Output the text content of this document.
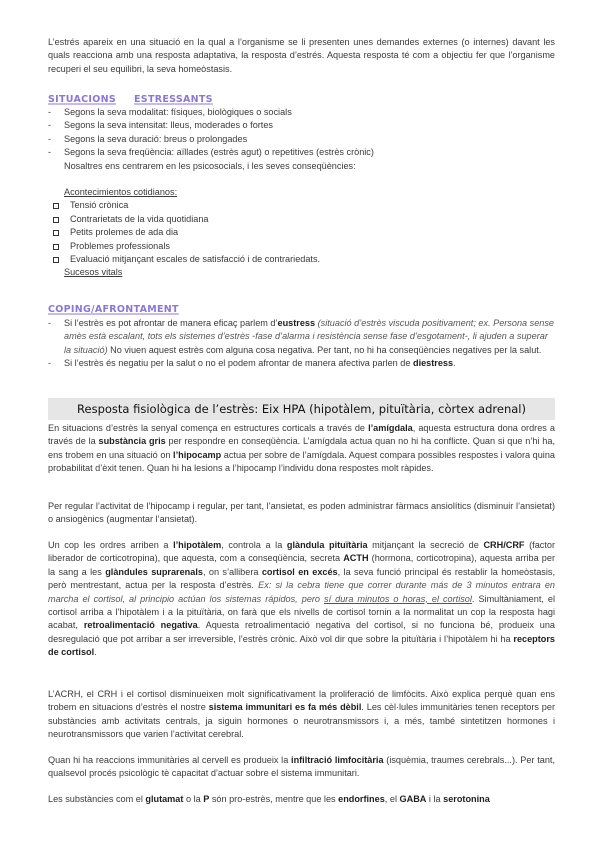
L’estrés apareix en una situació en la qual a l’organisme se li presenten unes demandes externes (o internes) davant les quals reacciona amb una resposta adaptativa, la resposta d’estrés. Aquesta resposta té com a objectiu fer que l’organisme recuperi el seu equilibri, la seva homeòstasis.

SITUACIONS ESTRESSANTS
- Segons la seva modalitat: físiques, biològiques o socials
- Segons la seva intensitat: lleus, moderades o fortes
- Segons la seva duració: breus o prolongades
- Segons la seva freqüència: aïllades (estrès agut) o repetitives (estrès crònic)
Nosaltres ens centrarem en les psicosocials, i les seves conseqüències:
Acontecimientos cotidianos:
Tensió crònica
Contrarietats de la vida quotidiana
Petits prolemes de ada dia
Problemes professionals
Evaluació mitjançant escales de satisfacció i de contrariedats.
Sucesos vitals
COPING/AFRONTAMENT
- Si l’estrès es pot afrontar de manera eficaç parlem d’eustress (situació d’estrès viscuda positivament; ex. Persona sense amès està escalant, tots els sistemes d’estrès -fase d’alarma i resistència sense fase d’esgotament-, li ajuden a superar la situació) No viuen aquest estrès com alguna cosa negativa. Per tant, no hi ha conseqüències negatives per la salut.
- Si l’estrès és negatiu per la salut o no el podem afrontar de manera afectiva parlen de diestress.
Resposta fisiològica de l’estrès: Eix HPA (hipotàlem, pituïtària, còrtex adrenal)

En situacions d’estrès la senyal comença en estructures corticals a través de l’amígdala, aquesta estructura dona ordres a través de la substància gris per respondre en conseqüència. L’amígdala actua quan no hi ha conflicte. Quan si que n’hi ha, ens trobem en una situació on l’hipocamp actua per sobre de l’amígdala. Aquest compara possibles respostes i valora quina probabilitat d’èxit tenen. Quan hi ha lesions a l’hipocamp l’individu dona respostes molt ràpides.

Per regular l’activitat de l’hipocamp i regular, per tant, l’ansietat, es poden administrar fàrmacs ansiolítics (disminuir l’ansietat) o ansiogènics (augmentar l’ansietat).

Un cop les ordres arriben a l’hipotàlem, controla a la glàndula pituïtària mitjançant la secreció de CRH/CRF (factor liberador de corticotropina), que aquesta, com a conseqüència, secreta ACTH (hormona, corticotropina), aquesta arriba per la sang a les glàndules suprarenals, on s’allibera cortisol en excés, la seva funció principal és restablir la homeòstasis, però mentrestant, actua per la resposta d’estrès. Ex: si la cebra tiene que correr durante más de 3 minutos entrara en marcha el cortisol, al principio actúan los sistemas rápidos, pero sí dura minutos o horas, el cortisol. Simultàniament, el cortisol arriba a l’hipotàlem i a la pituïtària, on farà que els nivells de cortisol tornin a la normalitat un cop la resposta hagi acabat, retroalimentació negativa. Aquesta retroalimentació negativa del cortisol, si no funciona bé, produeix una desregulació que pot arribar a ser irreversible, l’estrès crònic. Això vol dir que sobre la pituïtària i l’hipotàlem hi ha receptors de cortisol.

L’ACRH, el CRH i el cortisol disminueixen molt significativament la proliferació de limfòcits. Això explica perquè quan ens trobem en situacions d’estrès el nostre sistema immunitari es fa més dèbil. Les cèl·lules immunitàries tenen receptors per substàncies amb activitats centrals, ja siguin hormones o neurotransmissors i, a més, també sintetitzen hormones i neurotransmissors que varien l’activitat cerebral.

Quan hi ha reaccions immunitàries al cervell es produeix la infiltració limfocitària (isquèmia, traumes cerebrals...). Per tant, qualsevol procés psicològic tè capacitat d’actuar sobre el sistema immunitari.

Les substàncies com el glutamat o la P són pro-estrès, mentre que les endorfines, el GABA i la serotonina
